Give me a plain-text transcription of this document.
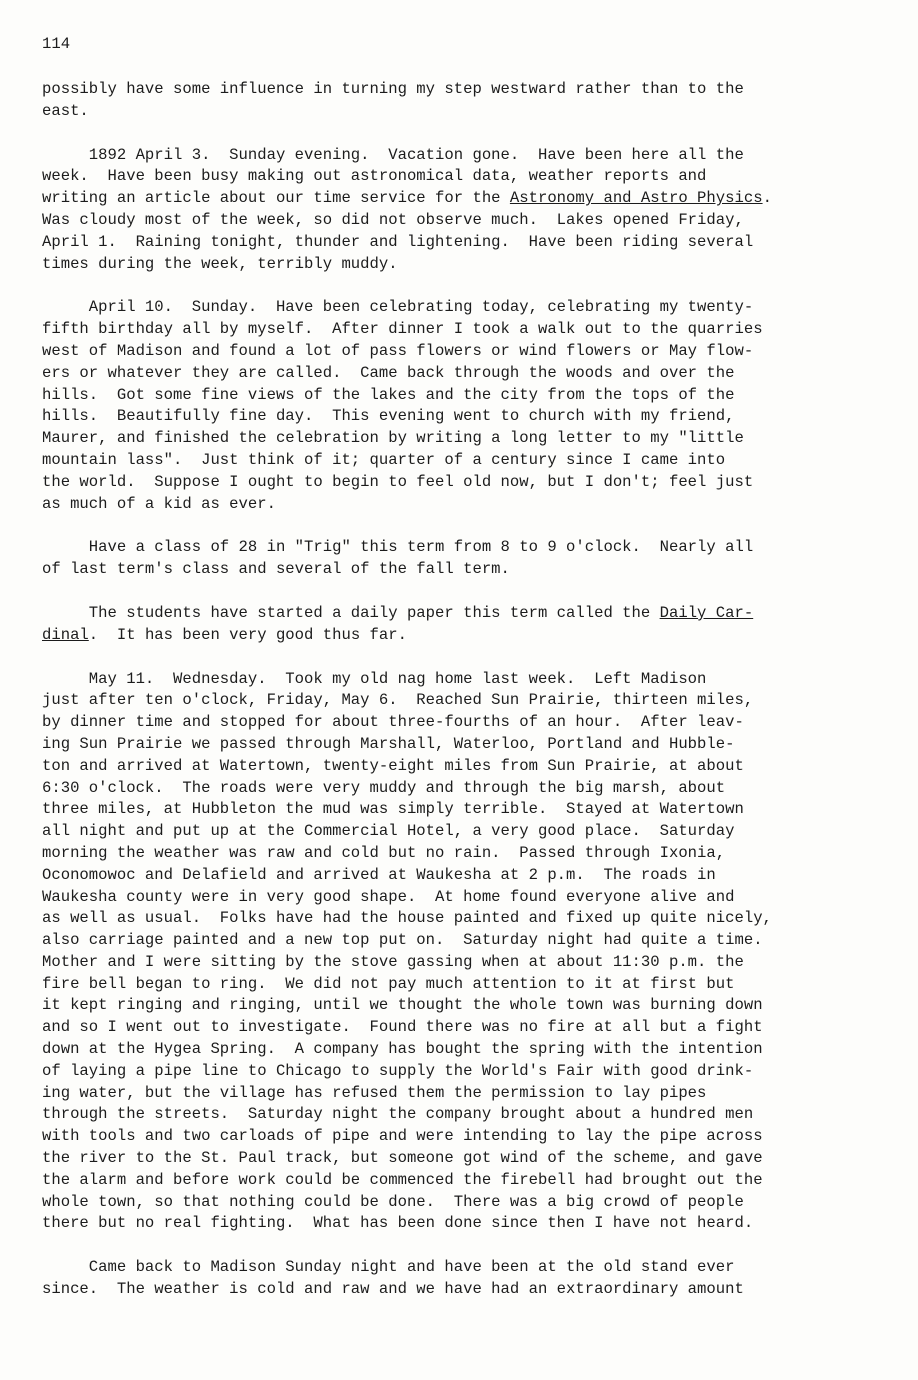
114
possibly have some influence in turning my step westward rather than to the
east.
1892 April 3.  Sunday evening.  Vacation gone.  Have been here all the
week.  Have been busy making out astronomical data, weather reports and
writing an article about our time service for the Astronomy and Astro Physics.
Was cloudy most of the week, so did not observe much.  Lakes opened Friday,
April 1.  Raining tonight, thunder and lightening.  Have been riding several
times during the week, terribly muddy.
April 10.  Sunday.  Have been celebrating today, celebrating my twenty-
fifth birthday all by myself.  After dinner I took a walk out to the quarries
west of Madison and found a lot of pass flowers or wind flowers or May flow-
ers or whatever they are called.  Came back through the woods and over the
hills.  Got some fine views of the lakes and the city from the tops of the
hills.  Beautifully fine day.  This evening went to church with my friend,
Maurer, and finished the celebration by writing a long letter to my "little
mountain lass".  Just think of it; quarter of a century since I came into
the world.  Suppose I ought to begin to feel old now, but I don't; feel just
as much of a kid as ever.
Have a class of 28 in "Trig" this term from 8 to 9 o'clock.  Nearly all
of last term's class and several of the fall term.
The students have started a daily paper this term called the Daily Car-
dinal.  It has been very good thus far.
May 11.  Wednesday.  Took my old nag home last week.  Left Madison
just after ten o'clock, Friday, May 6.  Reached Sun Prairie, thirteen miles,
by dinner time and stopped for about three-fourths of an hour.  After leav-
ing Sun Prairie we passed through Marshall, Waterloo, Portland and Hubble-
ton and arrived at Watertown, twenty-eight miles from Sun Prairie, at about
6:30 o'clock.  The roads were very muddy and through the big marsh, about
three miles, at Hubbleton the mud was simply terrible.  Stayed at Watertown
all night and put up at the Commercial Hotel, a very good place.  Saturday
morning the weather was raw and cold but no rain.  Passed through Ixonia,
Oconomowoc and Delafield and arrived at Waukesha at 2 p.m.  The roads in
Waukesha county were in very good shape.  At home found everyone alive and
as well as usual.  Folks have had the house painted and fixed up quite nicely,
also carriage painted and a new top put on.  Saturday night had quite a time.
Mother and I were sitting by the stove gassing when at about 11:30 p.m. the
fire bell began to ring.  We did not pay much attention to it at first but
it kept ringing and ringing, until we thought the whole town was burning down
and so I went out to investigate.  Found there was no fire at all but a fight
down at the Hygea Spring.  A company has bought the spring with the intention
of laying a pipe line to Chicago to supply the World's Fair with good drink-
ing water, but the village has refused them the permission to lay pipes
through the streets.  Saturday night the company brought about a hundred men
with tools and two carloads of pipe and were intending to lay the pipe across
the river to the St. Paul track, but someone got wind of the scheme, and gave
the alarm and before work could be commenced the firebell had brought out the
whole town, so that nothing could be done.  There was a big crowd of people
there but no real fighting.  What has been done since then I have not heard.
Came back to Madison Sunday night and have been at the old stand ever
since.  The weather is cold and raw and we have had an extraordinary amount
